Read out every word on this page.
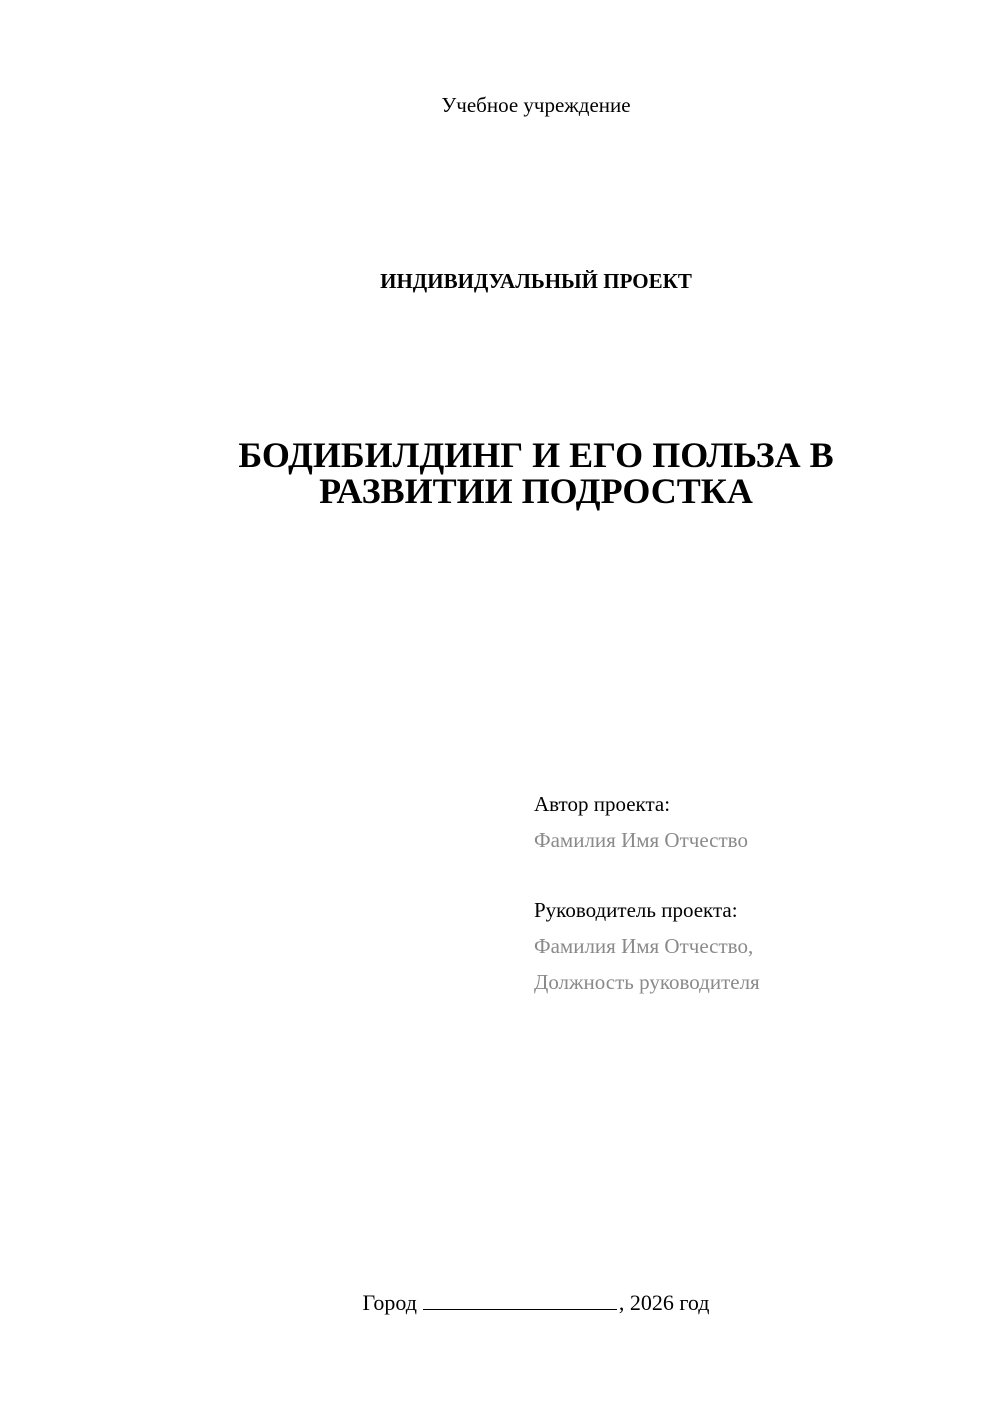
Учебное учреждение
ИНДИВИДУАЛЬНЫЙ ПРОЕКТ
БОДИБИЛДИНГ И ЕГО ПОЛЬЗА В
РАЗВИТИИ ПОДРОСТКА
Автор проекта:
Фамилия Имя Отчество
Руководитель проекта:
Фамилия Имя Отчество,
Должность руководителя
Город	, 2026 год
